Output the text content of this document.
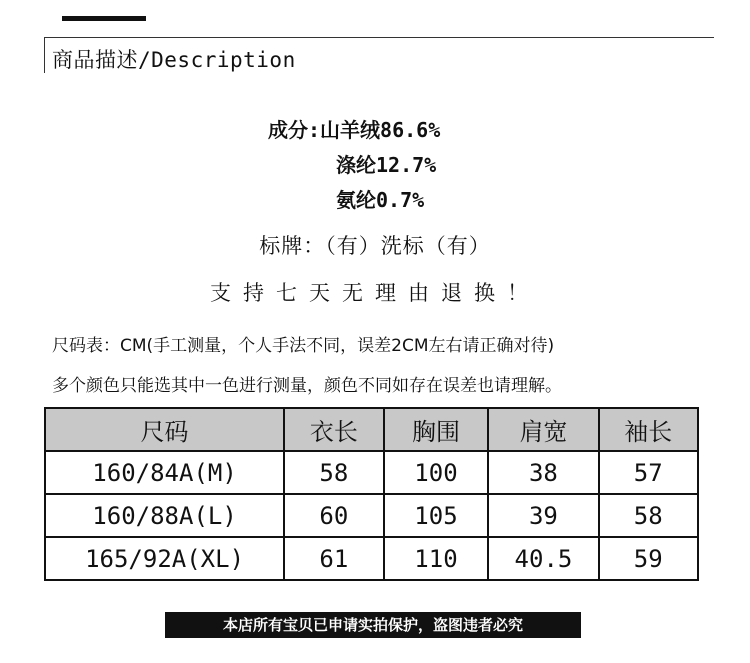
商品描述/Description
成分:山羊绒86.6%
涤纶12.7%
氨纶0.7%
标牌：（有）洗标（有）
支持七天无理由退换！
尺码表：CM(手工测量，个人手法不同，误差2CM左右请正确对待)
多个颜色只能选其中一色进行测量，颜色不同如存在误差也请理解。
尺码	衣长	胸围	肩宽	袖长
160/84A(M)	58	100	38	57
160/88A(L)	60	105	39	58
165/92A(XL)	61	110	40.5	59
本店所有宝贝已申请实拍保护，盗图违者必究
